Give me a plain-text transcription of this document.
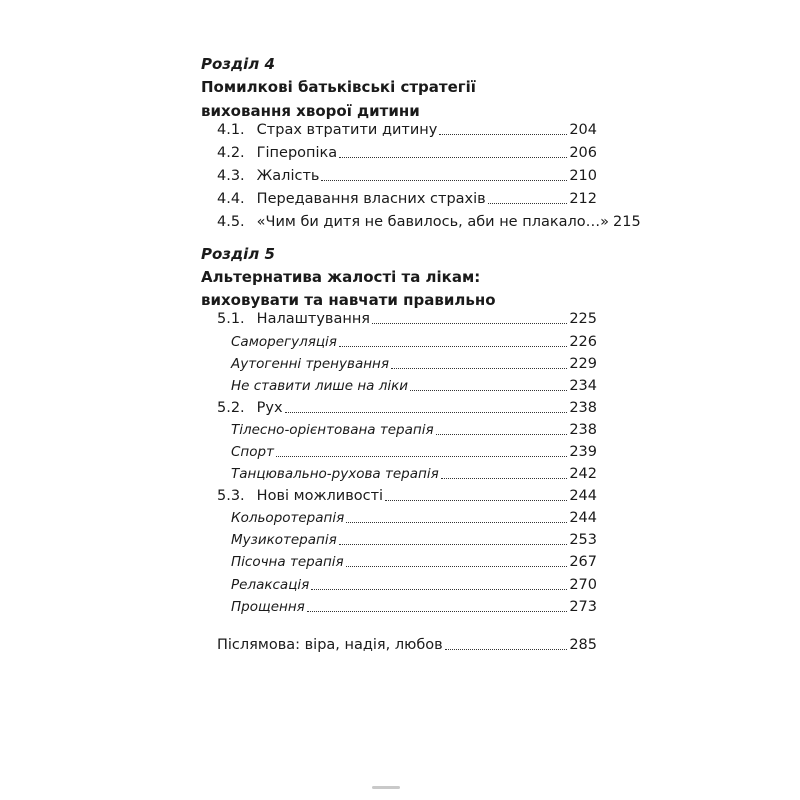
Розділ 4
Помилкові батьківські стратегії
виховання хворої дитини
4.1. Страх втратити дитину	204
4.2. Гіперопіка	206
4.3. Жалість	210
4.4. Передавання власних страхів	212
4.5. «Чим би дитя не бавилось, аби не плакало…» 215
Розділ 5
Альтернатива жалості та лікам:
виховувати та навчати правильно
5.1. Налаштування	225
Саморегуляція	226
Аутогенні тренування	229
Не ставити лише на ліки	234
5.2. Рух	238
Тілесно-орієнтована терапія	238
Спорт	239
Танцювально-рухова терапія	242
5.3. Нові можливості	244
Кольоротерапія	244
Музикотерапія	253
Пісочна терапія	267
Релаксація	270
Прощення	273
Післямова: віра, надія, любов	285
